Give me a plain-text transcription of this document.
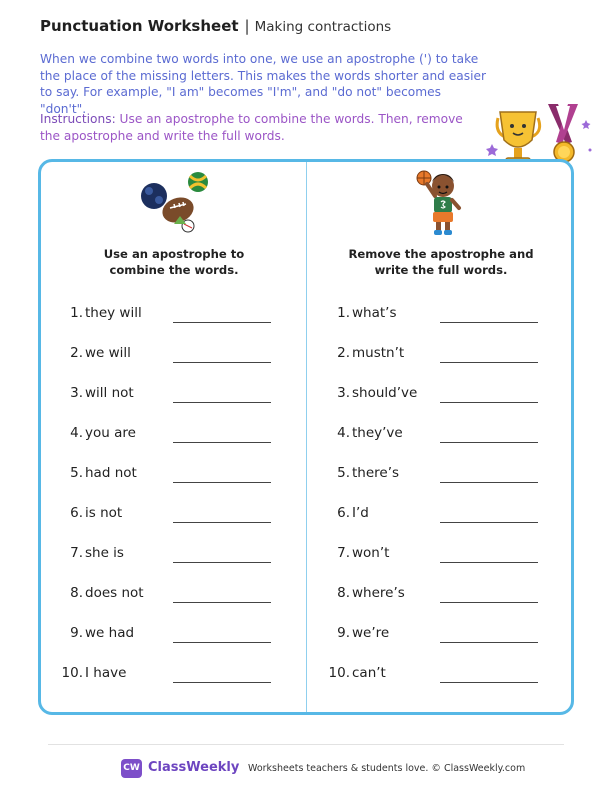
Punctuation Worksheet | Making contractions
When we combine two words into one, we use an apostrophe (') to take the place of the missing letters. This makes the words shorter and easier to say. For example, "I am" becomes "I'm", and "do not" becomes "don't".
Instructions: Use an apostrophe to combine the words. Then, remove the apostrophe and write the full words.
Use an apostrophe to
combine the words.
1. they will
2. we will
3. will not
4. you are
5. had not
6. is not
7. she is
8. does not
9. we had
10. I have
Remove the apostrophe and
write the full words.
1. what’s
2. mustn’t
3. should’ve
4. they’ve
5. there’s
6. I’d
7. won’t
8. where’s
9. we’re
10. can’t
CW ClassWeekly Worksheets teachers & students love. © ClassWeekly.com
